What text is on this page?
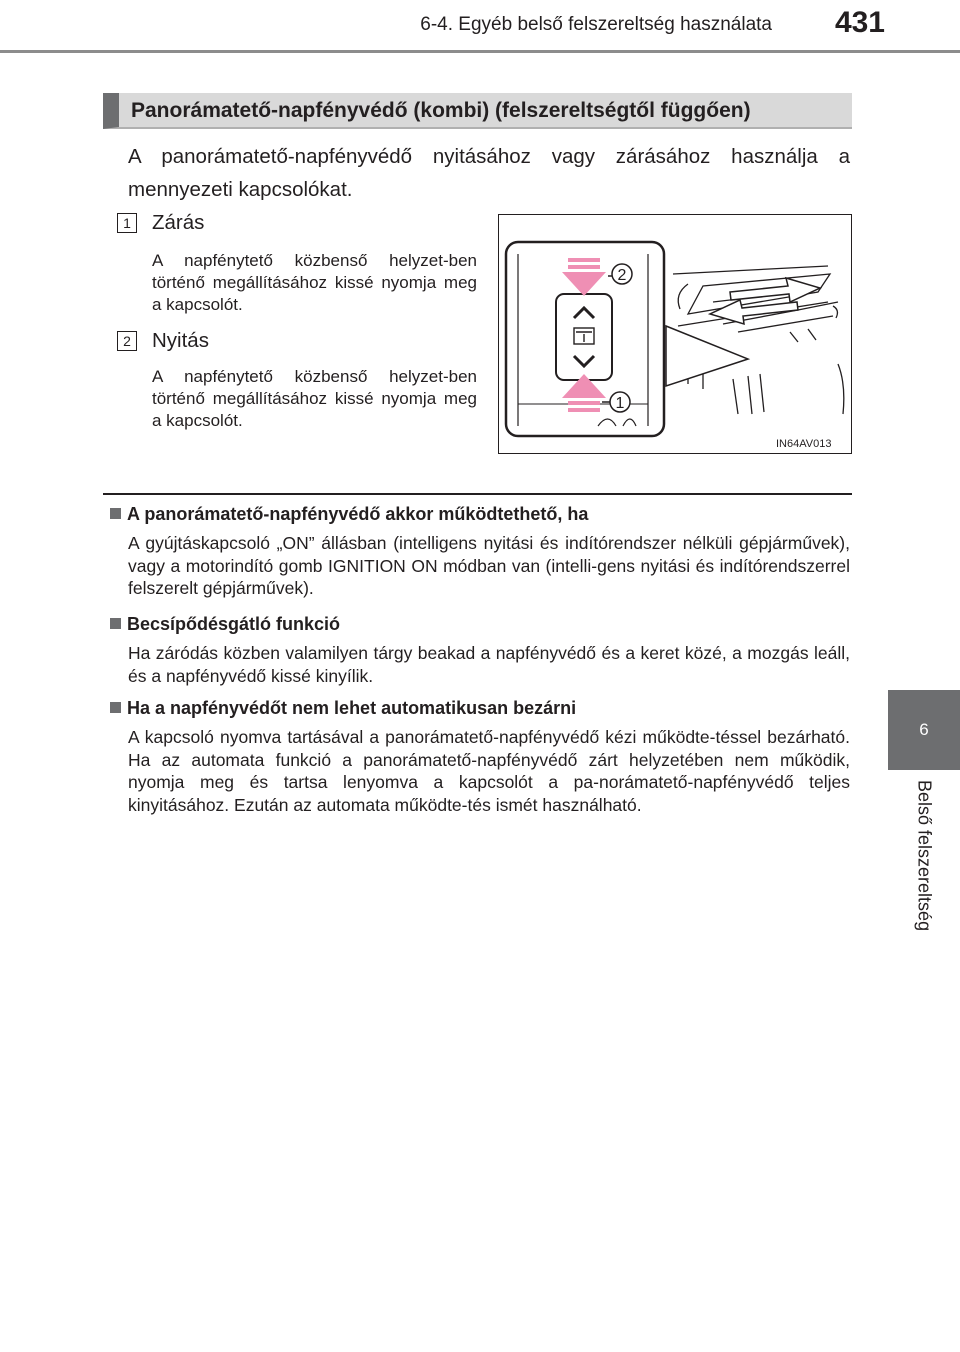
6-4. Egyéb belső felszereltség használata 431
6
Belső felszereltség
Panorámatető-napfényvédő (kombi) (felszereltségtől függően)
A panorámatető-napfényvédő nyitásához vagy zárásához használja a mennyezeti kapcsolókat.
1 Zárás
A napfénytető közbenső helyzet-ben történő megállításához kissé nyomja meg a kapcsolót.
2 Nyitás
A napfénytető közbenső helyzet-ben történő megállításához kissé nyomja meg a kapcsolót.
2
1
IN64AV013
A panorámatető-napfényvédő akkor működtethető, ha
A gyújtáskapcsoló „ON” állásban (intelligens nyitási és indítórendszer nélküli gépjárművek), vagy a motorindító gomb IGNITION ON módban van (intelli-gens nyitási és indítórendszerrel felszerelt gépjárművek).
Becsípődésgátló funkció
Ha záródás közben valamilyen tárgy beakad a napfényvédő és a keret közé, a mozgás leáll, és a napfényvédő kissé kinyílik.
Ha a napfényvédőt nem lehet automatikusan bezárni
A kapcsoló nyomva tartásával a panorámatető-napfényvédő kézi működte-téssel bezárható. Ha az automata funkció a panorámatető-napfényvédő zárt helyzetében nem működik, nyomja meg és tartsa lenyomva a kapcsolót a pa-norámatető-napfényvédő teljes kinyitásához. Ezután az automata működte-tés ismét használható.
